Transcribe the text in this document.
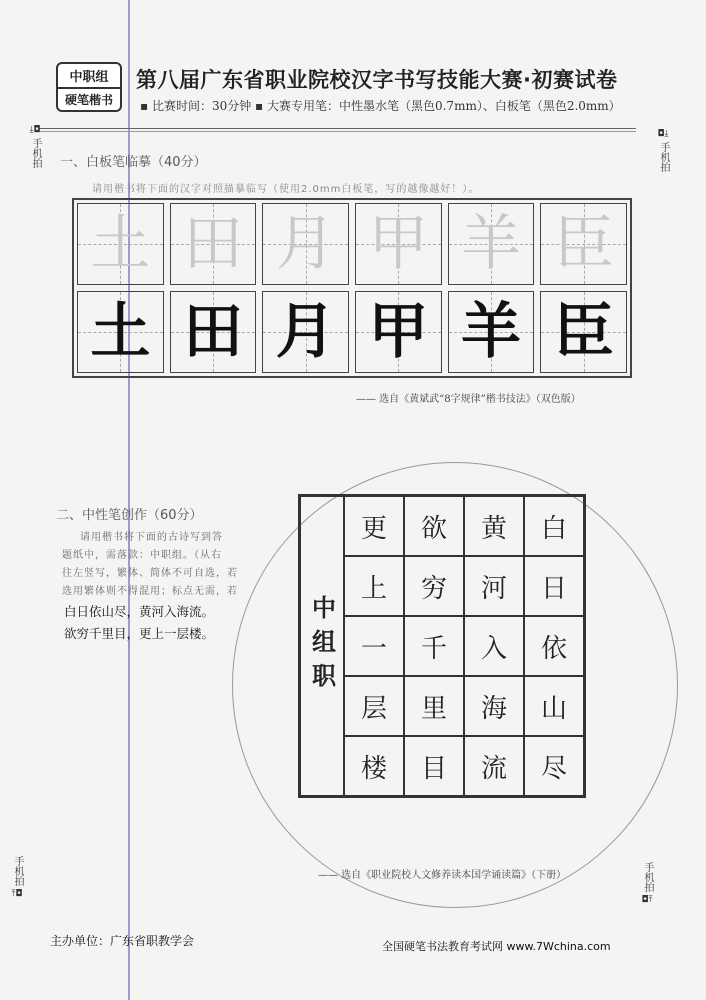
中职组
硬笔楷书
第八届广东省职业院校汉字书写技能大赛·初赛试卷
▪ 比赛时间：30分钟 ▪ 大赛专用笔：中性墨水笔（黑色0.7mm）、白板笔（黑色2.0mm）
⤓◘
手机拍
◘⤓
手机拍
手机拍
⤒◘
手机拍
◘⤒
一、白板笔临摹（40分）
请用楷书将下面的汉字对照描摹临写（使用2.0mm白板笔，写的越像越好！）。
土 田 月 甲 羊 臣
土 田 月 甲 羊 臣
—— 选自《黄斌武“8字规律”楷书技法》（双色版）
二、中性笔创作（60分）
请用楷书将下面的古诗写到答
题纸中，需落款：中职组。（从右
往左竖写，繁体、简体不可自选，若
选用繁体则不得混用；标点无需，若
白日依山尽，黄河入海流。
欲穷千里目，更上一层楼。	中组职
更	欲	黄	白
上	穷	河	日
一	千	入	依
层	里	海	山
楼	目	流	尽
—— 选自《职业院校人文修养读本国学诵读篇》（下册）
主办单位：广东省职教学会	全国硬笔书法教育考试网 www.7Wchina.com
